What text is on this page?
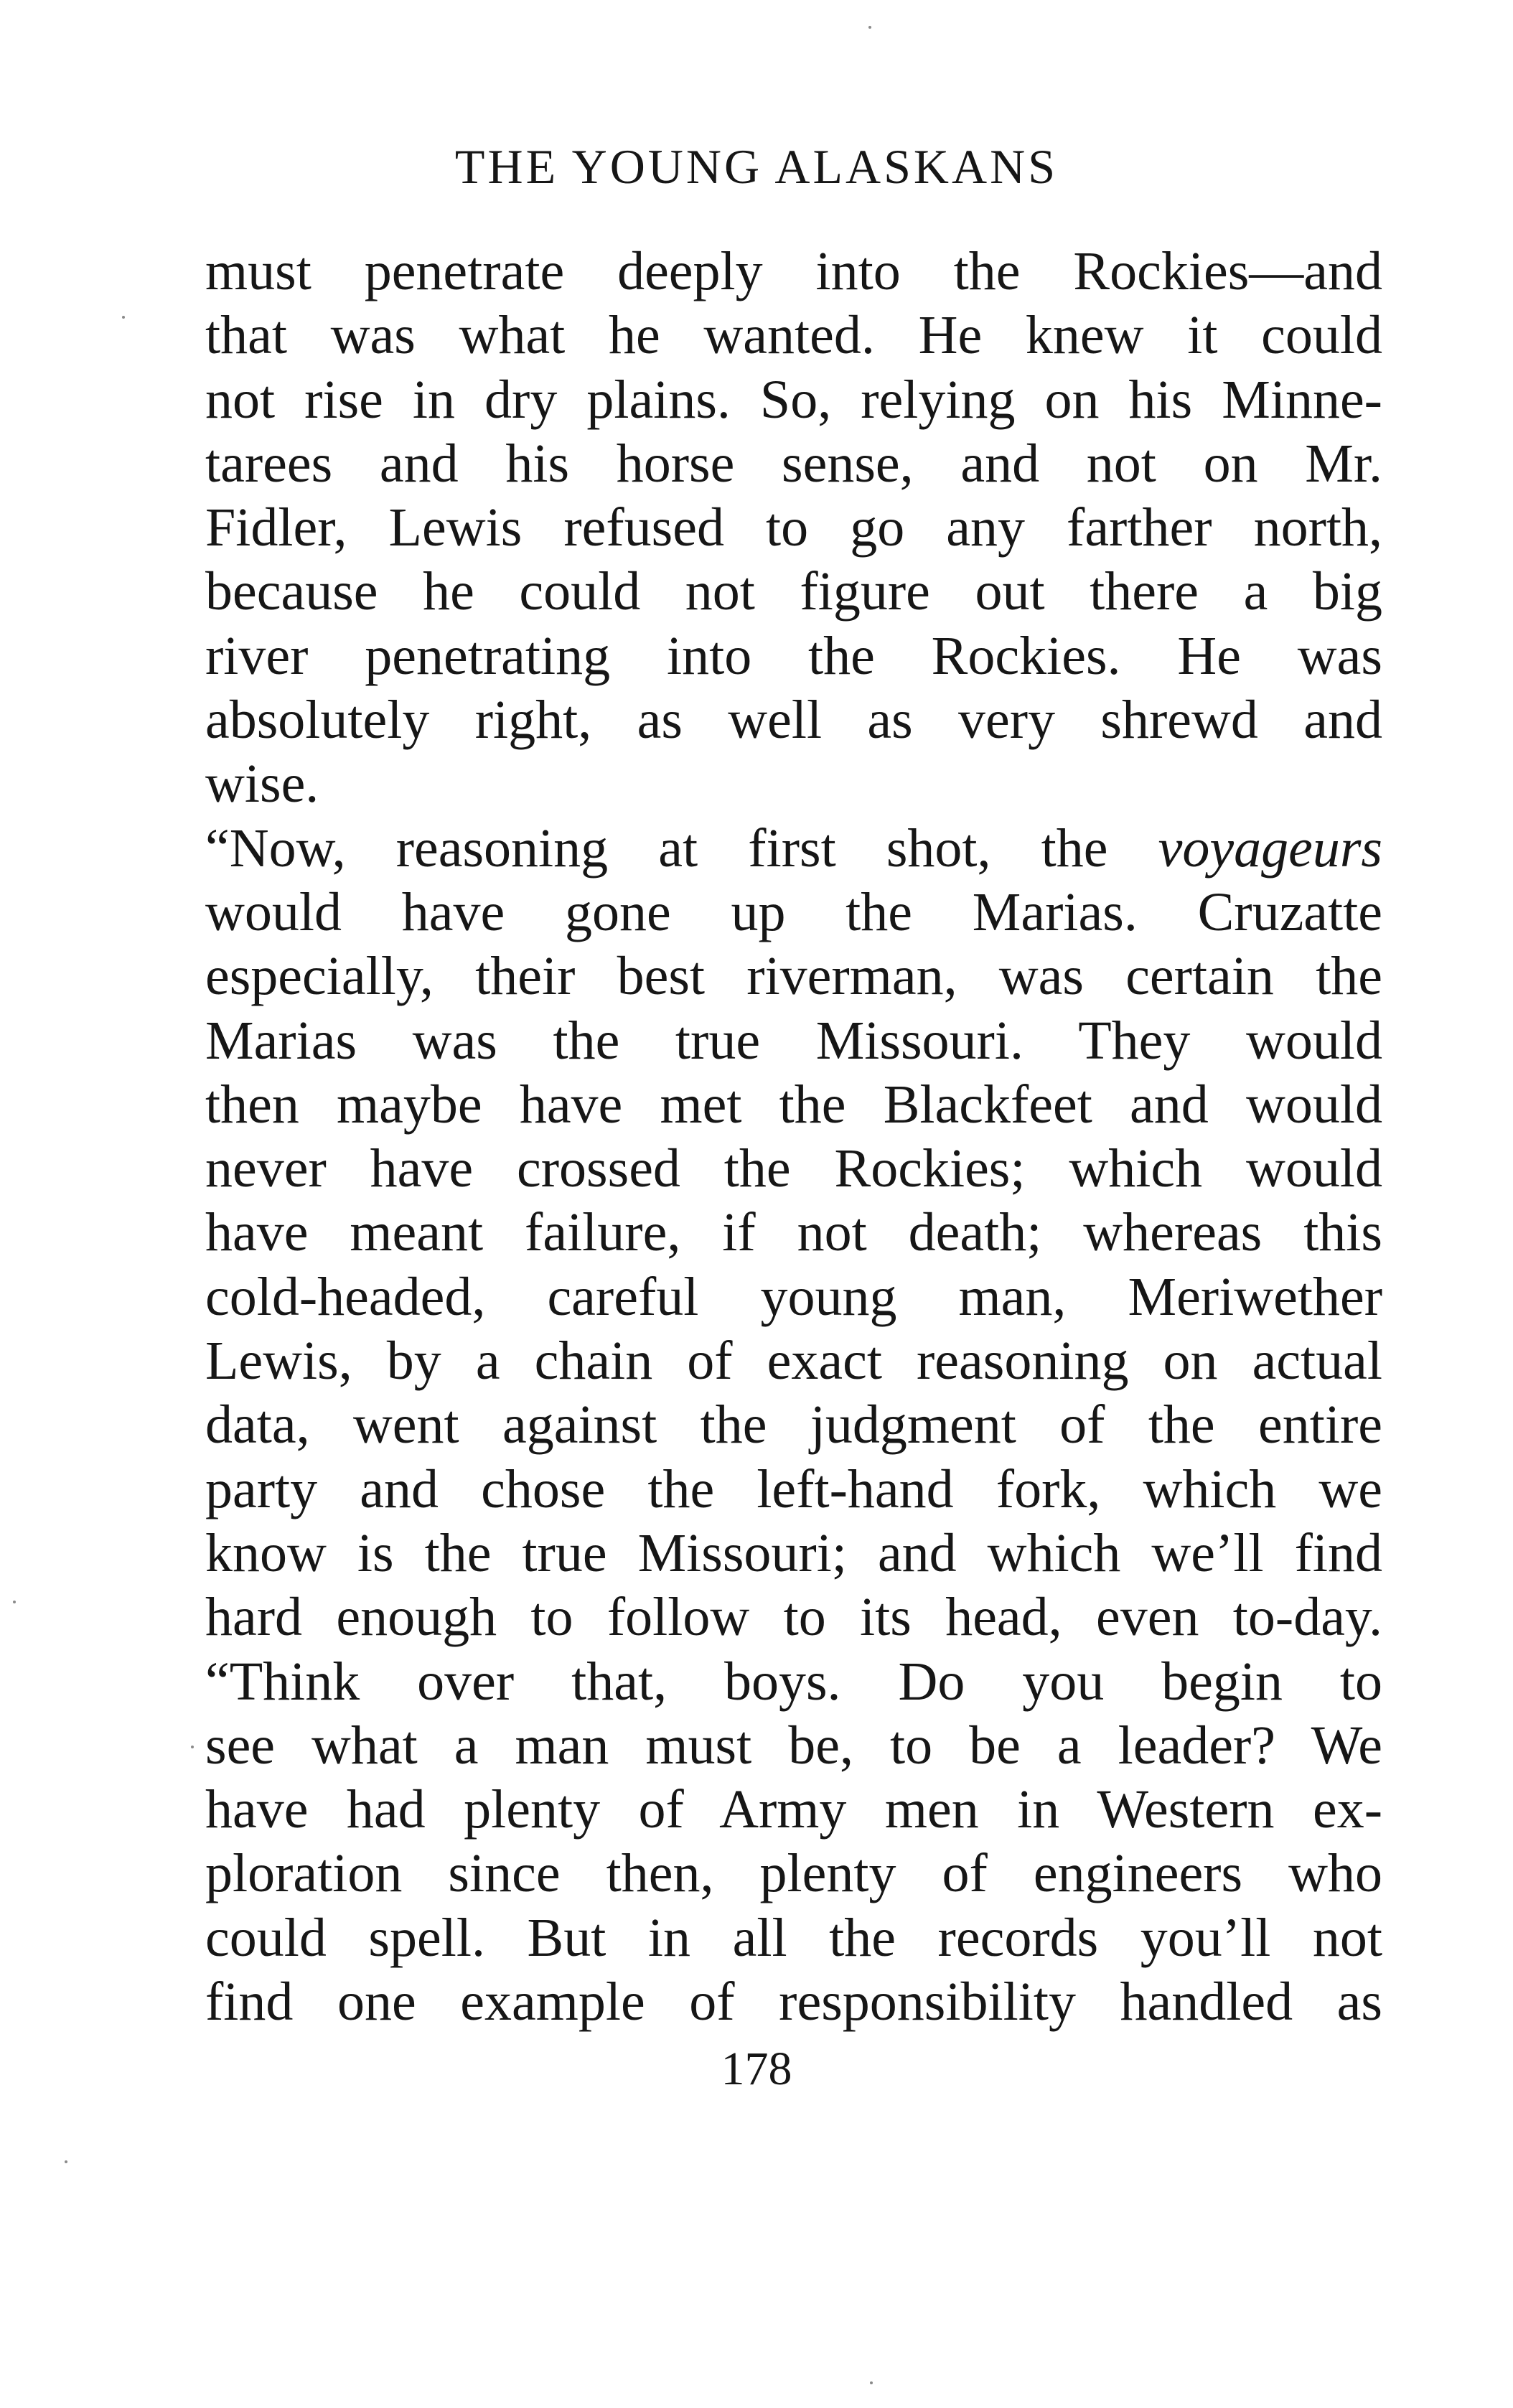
THE YOUNG ALASKANS
must penetrate deeply into the Rockies—and
that was what he wanted. He knew it could
not rise in dry plains. So, relying on his Minne-
tarees and his horse sense, and not on Mr.
Fidler, Lewis refused to go any farther north,
because he could not figure out there a big
river penetrating into the Rockies. He was
absolutely right, as well as very shrewd and
wise.
“Now, reasoning at first shot, the voyageurs
would have gone up the Marias. Cruzatte
especially, their best riverman, was certain the
Marias was the true Missouri. They would
then maybe have met the Blackfeet and would
never have crossed the Rockies; which would
have meant failure, if not death; whereas this
cold-headed, careful young man, Meriwether
Lewis, by a chain of exact reasoning on actual
data, went against the judgment of the entire
party and chose the left-hand fork, which we
know is the true Missouri; and which we’ll find
hard enough to follow to its head, even to-day.
“Think over that, boys. Do you begin to
see what a man must be, to be a leader? We
have had plenty of Army men in Western ex-
ploration since then, plenty of engineers who
could spell. But in all the records you’ll not
find one example of responsibility handled as
178
